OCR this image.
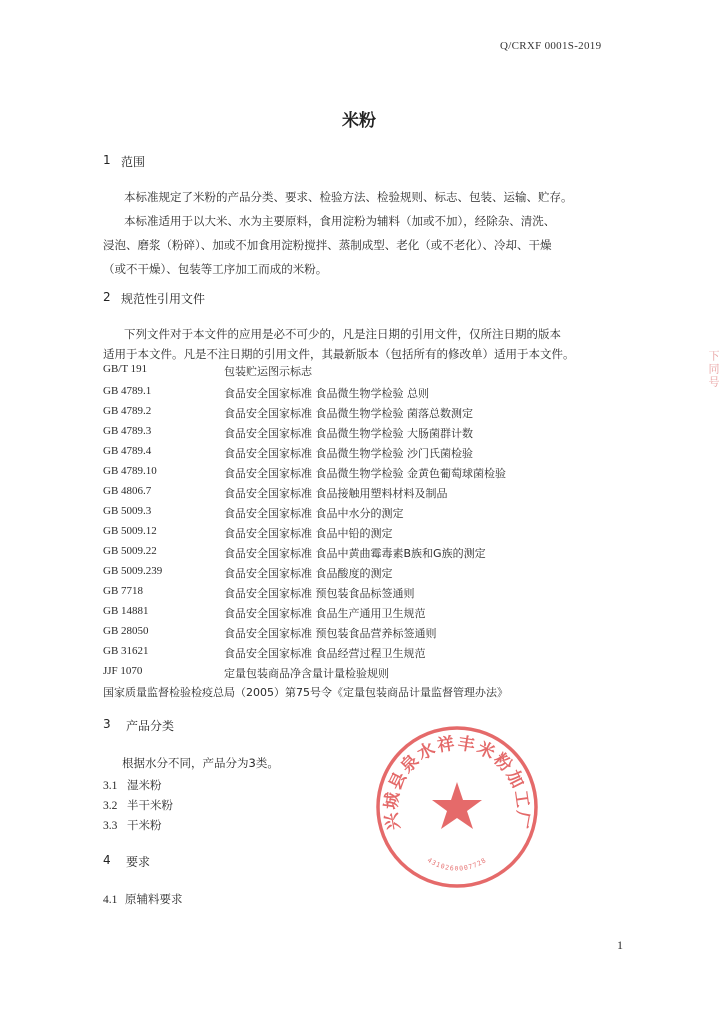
Q/CRXF 0001S-2019
米粉
1 范围
本标准规定了米粉的产品分类、要求、检验方法、检验规则、标志、包装、运输、贮存。
本标准适用于以大米、水为主要原料，食用淀粉为辅料（加或不加），经除杂、清洗、
浸泡、磨浆（粉碎）、加或不加食用淀粉搅拌、蒸制成型、老化（或不老化）、冷却、干燥
（或不干燥）、包装等工序加工而成的米粉。
2 规范性引用文件
下列文件对于本文件的应用是必不可少的，凡是注日期的引用文件，仅所注日期的版本
适用于本文件。凡是不注日期的引用文件，其最新版本（包括所有的修改单）适用于本文件。
GB/T 191	包装贮运图示标志
GB 4789.1	食品安全国家标准 食品微生物学检验 总则
GB 4789.2	食品安全国家标准 食品微生物学检验 菌落总数测定
GB 4789.3	食品安全国家标准 食品微生物学检验 大肠菌群计数
GB 4789.4	食品安全国家标准 食品微生物学检验 沙门氏菌检验
GB 4789.10	食品安全国家标准 食品微生物学检验 金黄色葡萄球菌检验
GB 4806.7	食品安全国家标准 食品接触用塑料材料及制品
GB 5009.3	食品安全国家标准 食品中水分的测定
GB 5009.12	食品安全国家标准 食品中铅的测定
GB 5009.22	食品安全国家标准 食品中黄曲霉毒素B族和G族的测定
GB 5009.239	食品安全国家标准 食品酸度的测定
GB 7718	食品安全国家标准 预包装食品标签通则
GB 14881	食品安全国家标准 食品生产通用卫生规范
GB 28050	食品安全国家标准 预包装食品营养标签通则
GB 31621	食品安全国家标准 食品经营过程卫生规范
JJF 1070	定量包装商品净含量计量检验规则
国家质量监督检验检疫总局（2005）第75号令《定量包装商品计量监督管理办法》
3 产品分类
根据水分不同，产品分为3类。
3.1 湿米粉
3.2 半干米粉
3.3 干米粉
4 要求
4.1 原辅料要求
1
下同号
兴城县泉水祥丰米粉加工厂
4310260007728
